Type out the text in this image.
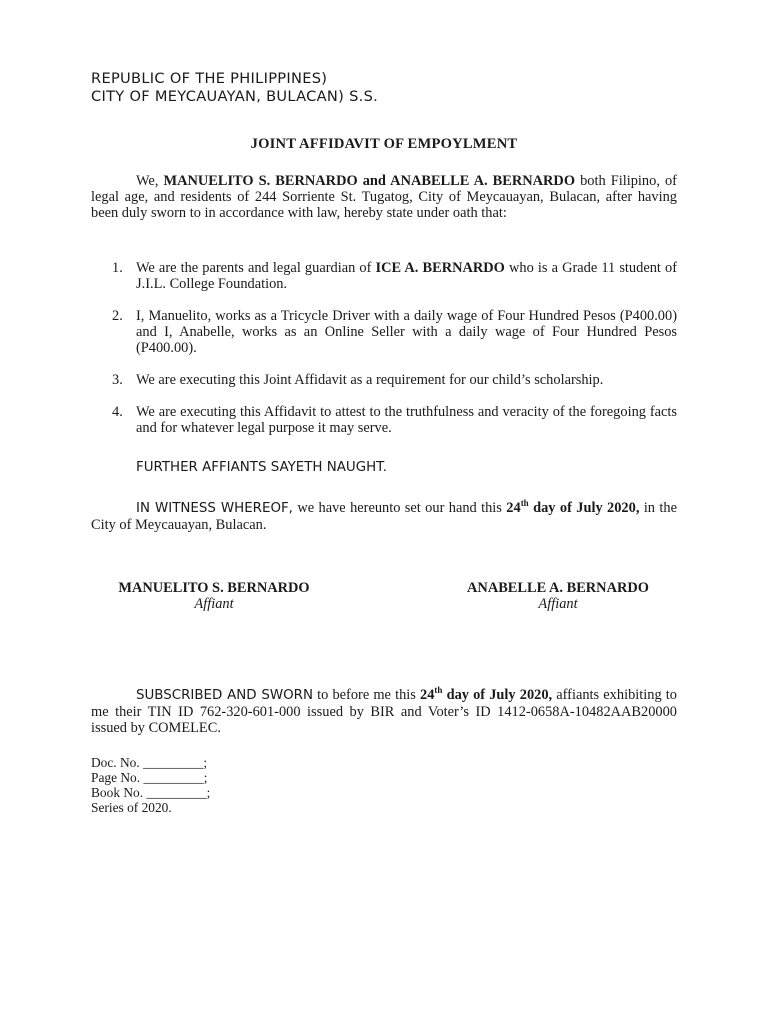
REPUBLIC OF THE PHILIPPINES)
CITY OF MEYCAUAYAN, BULACAN) S.S.
JOINT AFFIDAVIT OF EMPOYLMENT
We, MANUELITO S. BERNARDO and ANABELLE A. BERNARDO both Filipino, of legal age, and residents of 244 Sorriente St. Tugatog, City of Meycauayan, Bulacan, after having been duly sworn to in accordance with law, hereby state under oath that:
1. We are the parents and legal guardian of ICE A. BERNARDO who is a Grade 11 student of J.I.L. College Foundation.
2. I, Manuelito, works as a Tricycle Driver with a daily wage of Four Hundred Pesos (P400.00) and I, Anabelle, works as an Online Seller with a daily wage of Four Hundred Pesos (P400.00).
3. We are executing this Joint Affidavit as a requirement for our child’s scholarship.
4. We are executing this Affidavit to attest to the truthfulness and veracity of the foregoing facts and for whatever legal purpose it may serve.
FURTHER AFFIANTS SAYETH NAUGHT.
IN WITNESS WHEREOF, we have hereunto set our hand this 24th day of July 2020, in the City of Meycauayan, Bulacan.
MANUELITO S. BERNARDO
Affiant
ANABELLE A. BERNARDO
Affiant
SUBSCRIBED AND SWORN to before me this 24th day of July 2020, affiants exhibiting to me their TIN ID 762-320-601-000 issued by BIR and Voter’s ID 1412-0658A-10482AAB20000 issued by COMELEC.
Doc. No. _________;
Page No. _________;
Book No. _________;
Series of 2020.
